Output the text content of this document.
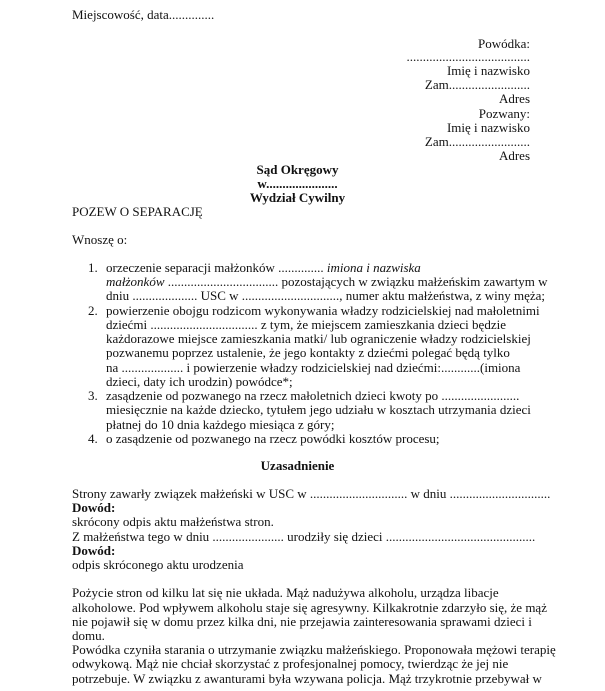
Miejscowość, data..............
Powódka:
......................................
Imię i nazwisko
Zam.........................
Adres
Pozwany:
Imię i nazwisko
Zam.........................
Adres
Sąd Okręgowy
w......................
Wydział Cywilny
POZEW O SEPARACJĘ
Wnoszę o:
1. orzeczenie separacji małżonków .............. imiona i nazwiska
małżonków .................................. pozostających w związku małżeńskim zawartym w
dniu .................... USC w .............................., numer aktu małżeństwa, z winy męża;
2. powierzenie obojgu rodzicom wykonywania władzy rodzicielskiej nad małoletnimi
dziećmi ................................. z tym, że miejscem zamieszkania dzieci będzie
każdorazowe miejsce zamieszkania matki/ lub ograniczenie władzy rodzicielskiej
pozwanemu poprzez ustalenie, że jego kontakty z dziećmi polegać będą tylko
na ................... i powierzenie władzy rodzicielskiej nad dziećmi:............(imiona
dzieci, daty ich urodzin) powódce*;
3. zasądzenie od pozwanego na rzecz małoletnich dzieci kwoty po ........................
miesięcznie na każde dziecko, tytułem jego udziału w kosztach utrzymania dzieci
płatnej do 10 dnia każdego miesiąca z góry;
4. o zasądzenie od pozwanego na rzecz powódki kosztów procesu;
Uzasadnienie
Strony zawarły związek małżeński w USC w .............................. w dniu ...............................
Dowód:
skrócony odpis aktu małżeństwa stron.
Z małżeństwa tego w dniu ...................... urodziły się dzieci ..............................................
Dowód:
odpis skróconego aktu urodzenia
Pożycie stron od kilku lat się nie układa. Mąż nadużywa alkoholu, urządza libacje
alkoholowe. Pod wpływem alkoholu staje się agresywny. Kilkakrotnie zdarzyło się, że mąż
nie pojawił się w domu przez kilka dni, nie przejawia zainteresowania sprawami dzieci i
domu.
Powódka czyniła starania o utrzymanie związku małżeńskiego. Proponowała mężowi terapię
odwykową. Mąż nie chciał skorzystać z profesjonalnej pomocy, twierdząc że jej nie
potrzebuje. W związku z awanturami była wzywana policja. Mąż trzykrotnie przebywał w
